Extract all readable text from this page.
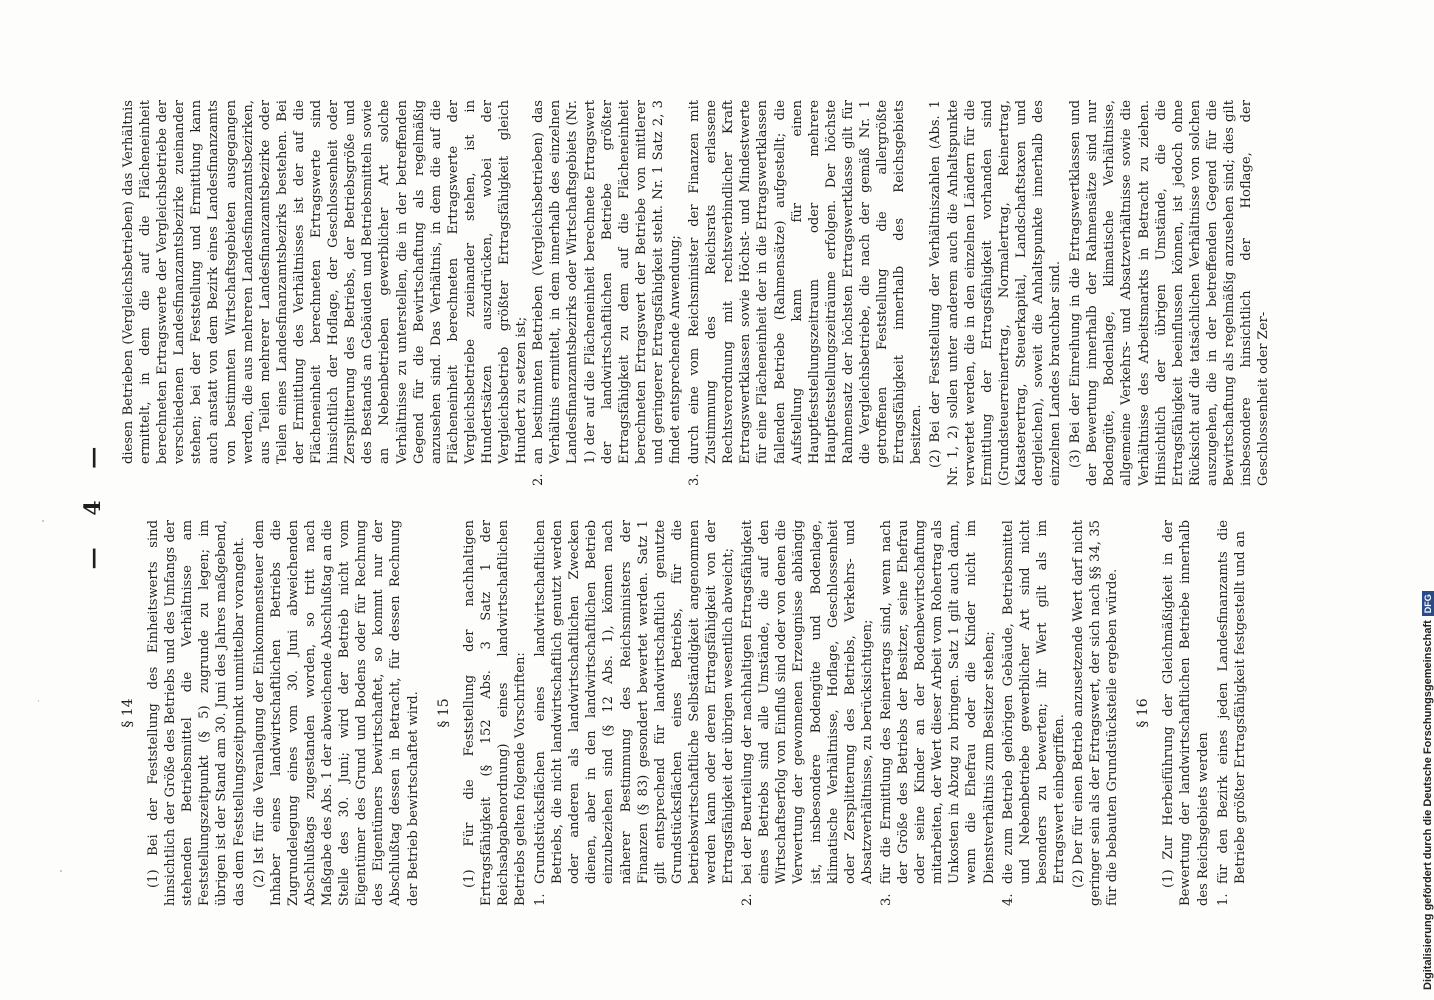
— 4 —
§ 14 (1) Bei der Feststellung des Einheitswerts sind hinsichtlich der Größe des Betriebs und des Umfangs der stehenden Betriebsmittel die Verhältnisse am Feststellungszeitpunkt (§ 5) zugrunde zu legen; im übrigen ist der Stand am 30. Juni des Jahres maßgebend, das dem Feststellungszeitpunkt unmittelbar vorangeht. (2) Ist für die Veranlagung der Einkommensteuer dem Inhaber eines landwirtschaftlichen Betriebs die Zugrundelegung eines vom 30. Juni abweichenden Abschlußtags zugestanden worden, so tritt nach Maßgabe des Abs. 1 der abweichende Abschlußtag an die Stelle des 30. Juni; wird der Betrieb nicht vom Eigentümer des Grund und Bodens oder für Rechnung des Eigentümers bewirtschaftet, so kommt nur der Abschlußtag dessen in Betracht, für dessen Rechnung der Betrieb bewirtschaftet wird. § 15 (1) Für die Feststellung der nachhaltigen Ertragsfähigkeit (§ 152 Abs. 3 Satz 1 der Reichsabgabenordnung) eines landwirtschaftlichen Betriebs gelten folgende Vorschriften: 1.
Grundstücksflächen eines landwirtschaftlichen Betriebs, die nicht landwirtschaftlich genutzt werden oder anderen als landwirtschaftlichen Zwecken dienen, aber in den landwirtschaftlichen Betrieb einzubeziehen sind (§ 12 Abs. 1), können nach näherer Bestimmung des Reichsministers der Finanzen (§ 83) gesondert bewertet werden. Satz 1 gilt entsprechend für landwirtschaftlich genutzte Grundstücksflächen eines Betriebs, für die betriebswirtschaftliche Selbständigkeit angenommen werden kann oder deren Ertragsfähigkeit von der Ertragsfähigkeit der übrigen wesentlich abweicht;
2.
bei der Beurteilung der nachhaltigen Ertragsfähigkeit eines Betriebs sind alle Umstände, die auf den Wirtschaftserfolg von Einfluß sind oder von denen die Verwertung der gewonnenen Erzeugnisse abhängig ist, insbesondere Bodengüte und Bodenlage, klimatische Verhältnisse, Hoflage, Geschlossenheit oder Zersplitterung des Betriebs, Verkehrs- und Absatzverhältnisse, zu berücksichtigen;
3.
für die Ermittlung des Reinertrags sind, wenn nach der Größe des Betriebs der Besitzer, seine Ehefrau oder seine Kinder an der Bodenbewirtschaftung mitarbeiten, der Wert dieser Arbeit vom Rohertrag als Unkosten in Abzug zu bringen. Satz 1 gilt auch dann, wenn die Ehefrau oder die Kinder nicht im Dienstverhältnis zum Besitzer stehen;
4.
die zum Betrieb gehörigen Gebäude, Betriebsmittel und Nebenbetriebe gewerblicher Art sind nicht besonders zu bewerten; ihr Wert gilt als im Ertragswert einbegriffen. (2) Der für einen Betrieb anzusetzende Wert darf nicht geringer sein als der Ertragswert, der sich nach §§ 34, 35 für die bebauten Grundstücksteile ergeben würde. § 16 (1) Zur Herbeiführung der Gleichmäßigkeit in der Bewertung der landwirtschaftlichen Betriebe innerhalb des Reichsgebiets werden 1.
für den Bezirk eines jeden Landesfinanzamts die Betriebe größter Ertragsfähigkeit festgestellt und an

diesen Betrieben (Vergleichsbetrieben) das Verhältnis ermittelt, in dem die auf die Flächeneinheit berechneten Ertragswerte der Vergleichsbetriebe der verschiedenen Landesfinanzamtsbezirke zueinander stehen; bei der Feststellung und Ermittlung kann auch anstatt von dem Bezirk eines Landesfinanzamts von bestimmten Wirtschaftsgebieten ausgegangen werden, die aus mehreren Landesfinanzamtsbezirken, aus Teilen mehrerer Landesfinanzamtsbezirke oder Teilen eines Landesfinanzamtsbezirks bestehen. Bei der Ermittlung des Verhältnisses ist der auf die Flächeneinheit berechneten Ertragswerte sind hinsichtlich der Hoflage, der Geschlossenheit oder Zersplitterung des Betriebs, der Betriebsgröße und des Bestands an Gebäuden und Betriebsmitteln sowie an Nebenbetrieben gewerblicher Art solche Verhältnisse zu unterstellen, die in der betreffenden Gegend für die Bewirtschaftung als regelmäßig anzusehen sind. Das Verhältnis, in dem die auf die Flächeneinheit berechneten Ertragswerte der Vergleichsbetriebe zueinander stehen, ist in Hundertsätzen auszudrücken, wobei der Vergleichsbetrieb größter Ertragsfähigkeit gleich Hundert zu setzen ist;

2.
an bestimmten Betrieben (Vergleichsbetrieben) das Verhältnis ermittelt, in dem innerhalb des einzelnen Landesfinanzamtsbezirks oder Wirtschaftsgebiets (Nr. 1) der auf die Flächeneinheit berechnete Ertragswert der landwirtschaftlichen Betriebe größter Ertragsfähigkeit zu dem auf die Flächeneinheit berechneten Ertragswert der Betriebe von mittlerer und geringerer Ertragsfähigkeit steht. Nr. 1 Satz 2, 3 findet entsprechende Anwendung;
3.
durch eine vom Reichsminister der Finanzen mit Zustimmung des Reichsrats erlassene Rechtsverordnung mit rechtsverbindlicher Kraft Ertragswertklassen sowie Höchst- und Mindestwerte für eine Flächeneinheit der in die Ertragswertklassen fallenden Betriebe (Rahmensätze) aufgestellt; die Aufstellung kann für einen Hauptfeststellungszeitraum oder mehrere Hauptfeststellungszeiträume erfolgen. Der höchste Rahmensatz der höchsten Ertragswertklasse gilt für die Vergleichsbetriebe, die nach der gemäß Nr. 1 getroffenen Feststellung die allergrößte Ertragsfähigkeit innerhalb des Reichsgebiets besitzen. (2) Bei der Feststellung der Verhältniszahlen (Abs. 1 Nr. 1, 2) sollen unter anderem auch die Anhaltspunkte verwertet werden, die in den einzelnen Ländern für die Ermittlung der Ertragsfähigkeit vorhanden sind (Grundsteuerreinertrag, Normalertrag, Reinertrag, Katasterertrag, Steuerkapital, Landschaftstaxen und dergleichen), soweit die Anhaltspunkte innerhalb des einzelnen Landes brauchbar sind. (3) Bei der Einreihung in die Ertragswertklassen und der Bewertung innerhalb der Rahmensätze sind nur Bodengüte, Bodenlage, klimatische Verhältnisse, allgemeine Verkehrs- und Absatzverhältnisse sowie die Verhältnisse des Arbeitsmarkts in Betracht zu ziehen. Hinsichtlich der übrigen Umstände, die die Ertragsfähigkeit beeinflussen können, ist jedoch ohne Rücksicht auf die tatsächlichen Verhältnisse von solchen auszugehen, die in der betreffenden Gegend für die Bewirtschaftung als regelmäßig anzusehen sind; dies gilt insbesondere hinsichtlich der Hoflage, der Geschlossenheit oder Zer-

Digitalisierung gefördert durch die Deutsche Forschungsgemeinschaft
DFG
